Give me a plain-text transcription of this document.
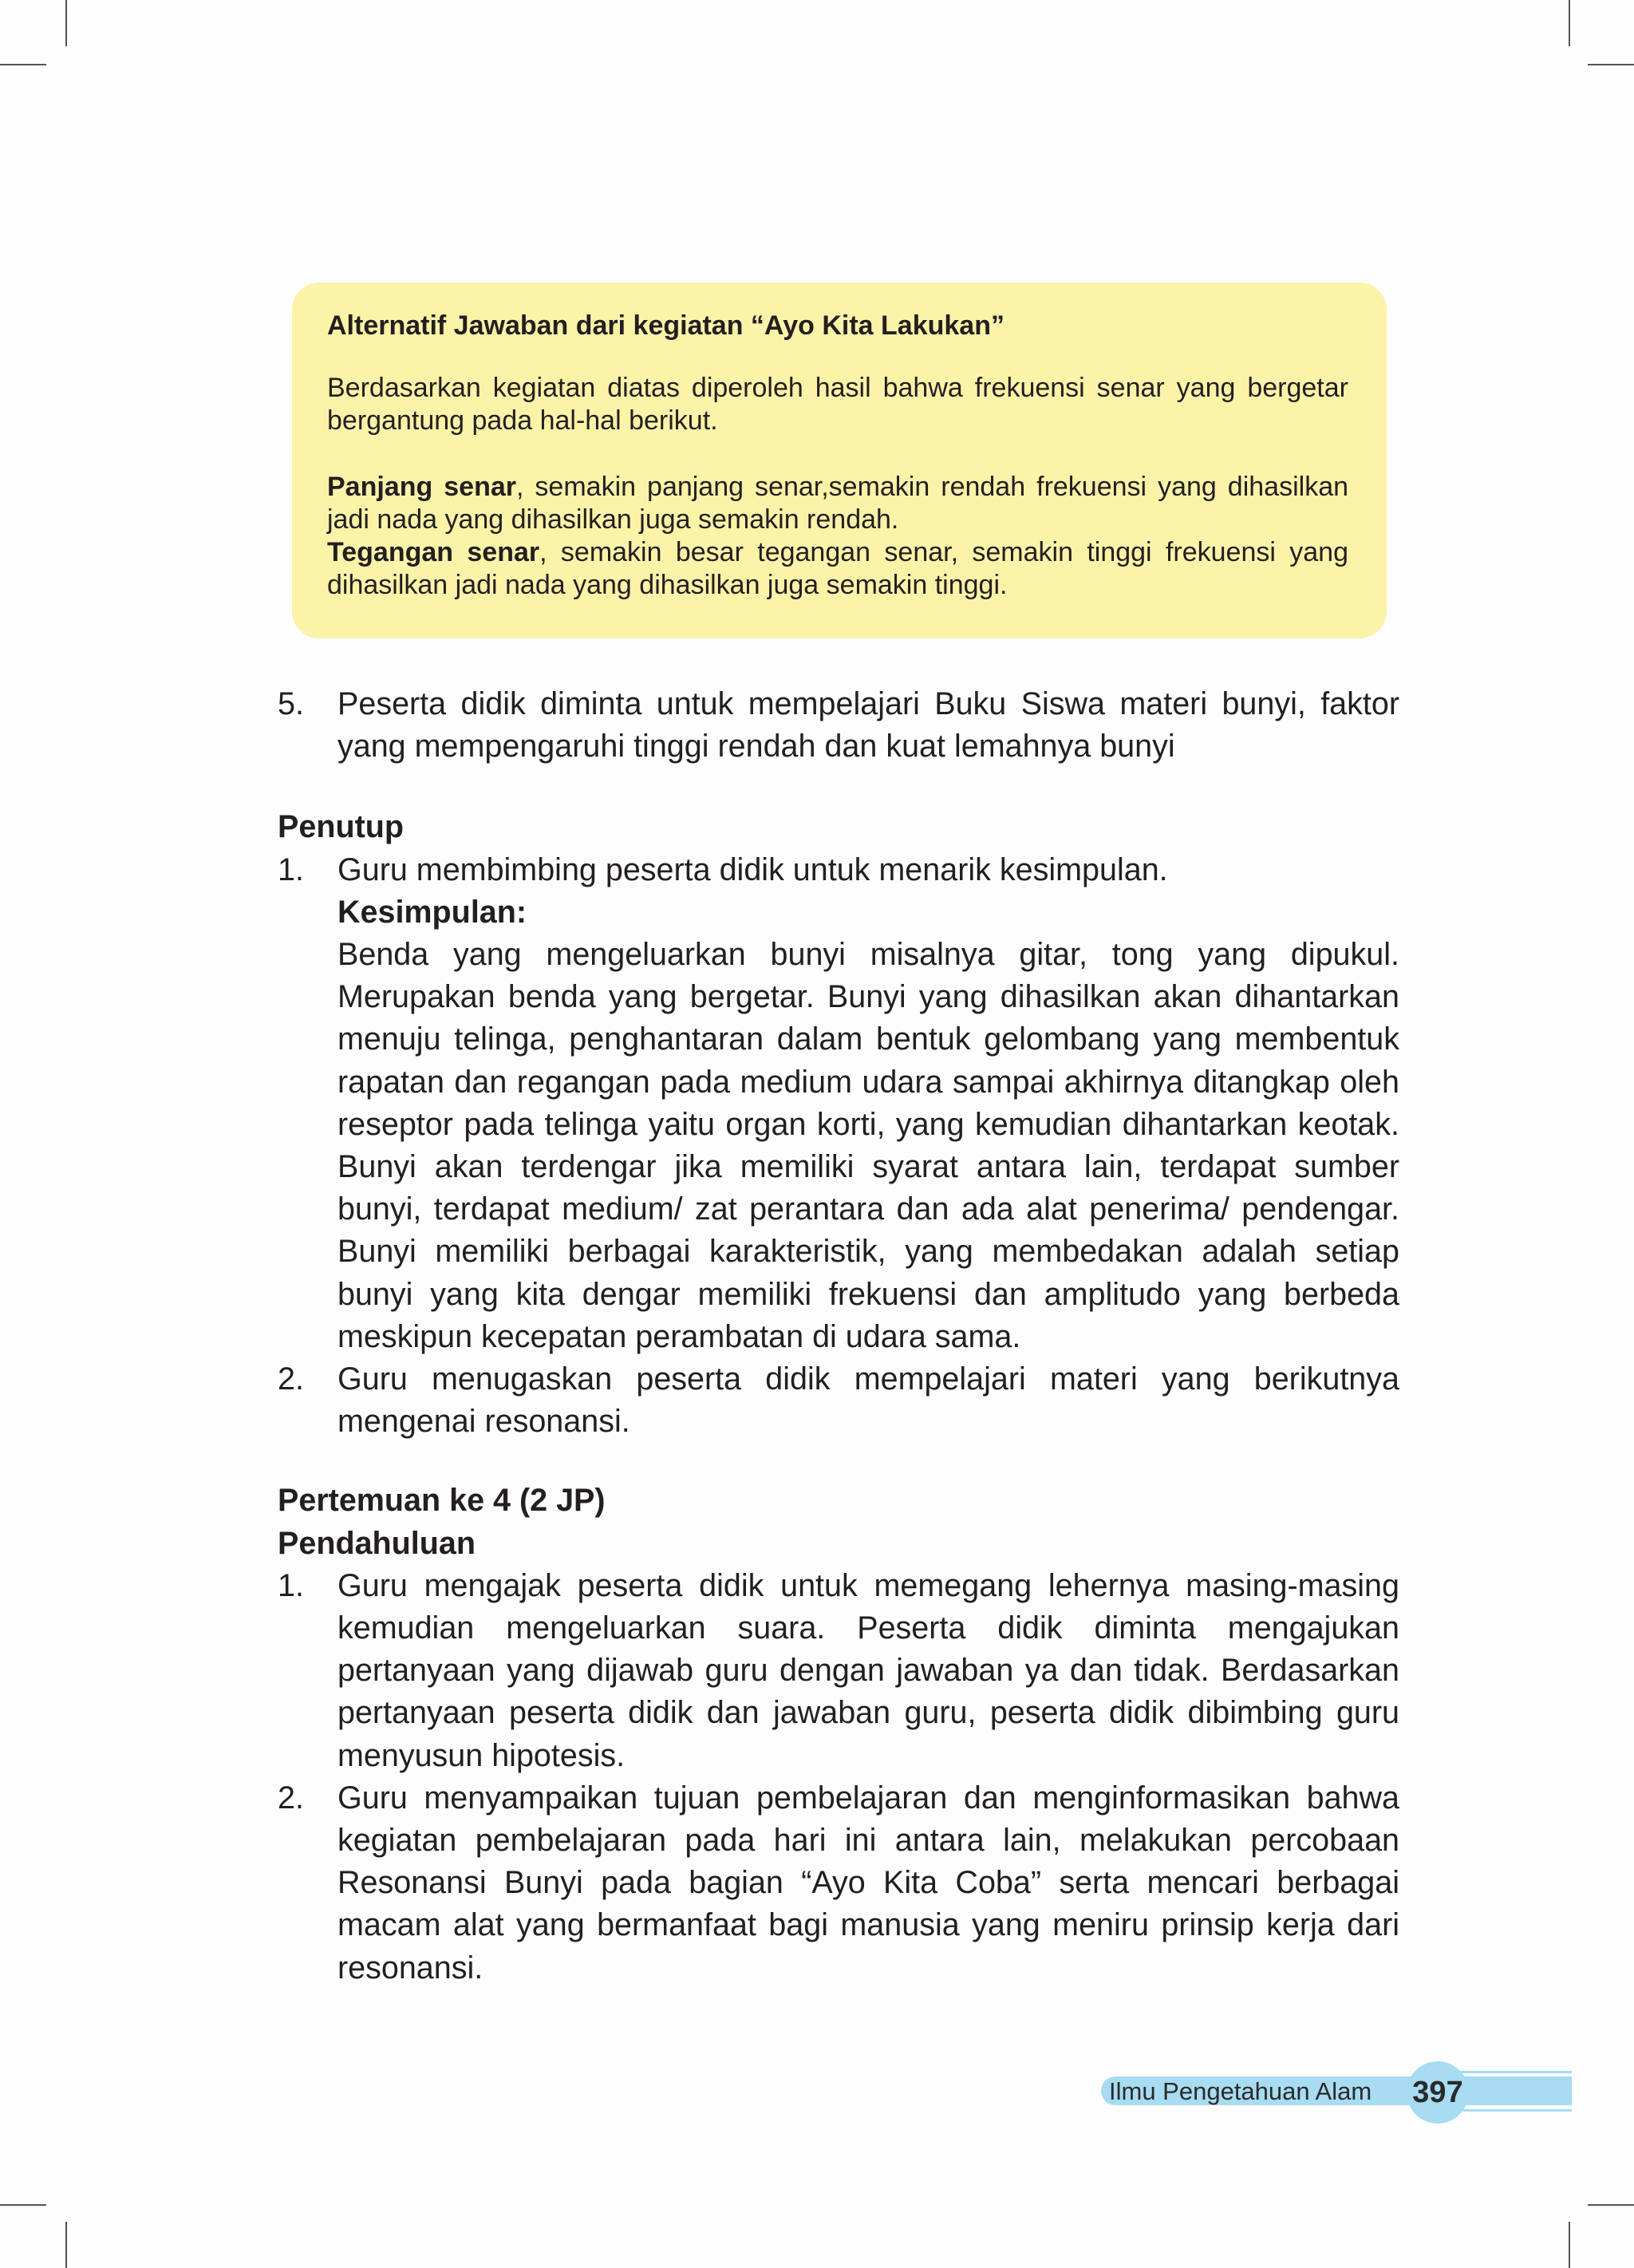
Alternatif Jawaban dari kegiatan “Ayo Kita Lakukan”

Berdasarkan kegiatan diatas diperoleh hasil bahwa frekuensi senar yang bergetar bergantung pada hal-hal berikut.

Panjang senar, semakin panjang senar,semakin rendah frekuensi yang dihasilkan jadi nada yang dihasilkan juga semakin rendah.

Tegangan senar, semakin besar tegangan senar, semakin tinggi frekuensi yang dihasilkan jadi nada yang dihasilkan juga semakin tinggi.

5.	Peserta didik diminta untuk mempelajari Buku Siswa materi bunyi, faktor yang mempengaruhi tinggi rendah dan kuat lemahnya bunyi
Penutup
1.	Guru membimbing peserta didik untuk menarik kesimpulan.

Kesimpulan:

Benda yang mengeluarkan bunyi misalnya gitar, tong yang dipukul. Merupakan benda yang bergetar. Bunyi yang dihasilkan akan dihantarkan menuju telinga, penghantaran dalam bentuk gelombang yang membentuk rapatan dan regangan pada medium udara sampai akhirnya ditangkap oleh reseptor pada telinga yaitu organ korti, yang kemudian dihantarkan keotak. Bunyi akan terdengar jika memiliki syarat antara lain, terdapat sumber bunyi, terdapat medium/ zat perantara dan ada alat penerima/ pendengar. Bunyi memiliki berbagai karakteristik, yang membedakan adalah setiap bunyi yang kita dengar memiliki frekuensi dan amplitudo yang berbeda meskipun kecepatan perambatan di udara sama.

2.	Guru menugaskan peserta didik mempelajari materi yang berikutnya mengenai resonansi.
Pertemuan ke 4 (2 JP)
Pendahuluan
1.	Guru mengajak peserta didik untuk memegang lehernya masing-masing kemudian mengeluarkan suara. Peserta didik diminta mengajukan pertanyaan yang dijawab guru dengan jawaban ya dan tidak. Berdasarkan pertanyaan peserta didik dan jawaban guru, peserta didik dibimbing guru menyusun hipotesis.
2.	Guru menyampaikan tujuan pembelajaran dan menginformasikan bahwa kegiatan pembelajaran pada hari ini antara lain, melakukan percobaan Resonansi Bunyi pada bagian “Ayo Kita Coba” serta mencari berbagai macam alat yang bermanfaat bagi manusia yang meniru prinsip kerja dari resonansi.
Ilmu Pengetahuan Alam 397
